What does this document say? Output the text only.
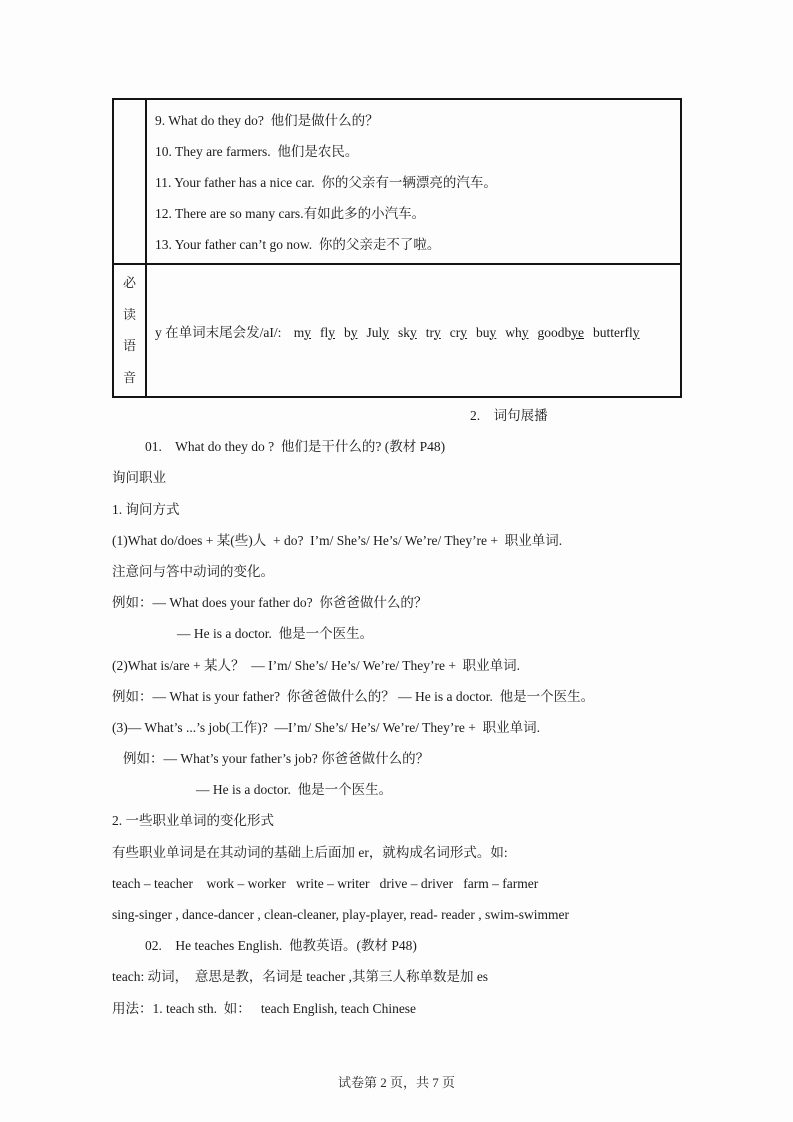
9. What do they do?  他们是做什么的？
10. They are farmers.  他们是农民。
11. Your father has a nice car.  你的父亲有一辆漂亮的汽车。
12. There are so many cars.有如此多的小汽车。
13. Your father can’t go now.  你的父亲走不了啦。
必
读
语
音
y 在单词末尾会发/aI/: my fly by July sky try cry buy why goodbye butterfly
2.    词句展播
01.    What do they do ?  他们是干什么的? (教材 P48)
询问职业
1. 询问方式
(1)What do/does + 某(些)人  + do?  I’m/ She’s/ He’s/ We’re/ They’re +  职业单词.
注意问与答中动词的变化。
例如：— What does your father do?  你爸爸做什么的？
— He is a doctor.  他是一个医生。
(2)What is/are + 某人？  — I’m/ She’s/ He’s/ We’re/ They’re +  职业单词.
例如：— What is your father?  你爸爸做什么的？ — He is a doctor.  他是一个医生。
(3)— What’s ...’s job(工作)?  —I’m/ She’s/ He’s/ We’re/ They’re +  职业单词.
例如：— What’s your father’s job? 你爸爸做什么的？
— He is a doctor.  他是一个医生。
2. 一些职业单词的变化形式
有些职业单词是在其动词的基础上后面加 er，就构成名词形式。如:
teach – teacher    work – worker   write – writer   drive – driver   farm – farmer
sing-singer , dance-dancer , clean-cleaner, play-player, read- reader , swim-swimmer
02.    He teaches English.  他教英语。(教材 P48)
teach: 动词，  意思是教，名词是 teacher ,其第三人称单数是加 es
用法：1. teach sth.  如：   teach English, teach Chinese
试卷第 2 页，共 7 页
